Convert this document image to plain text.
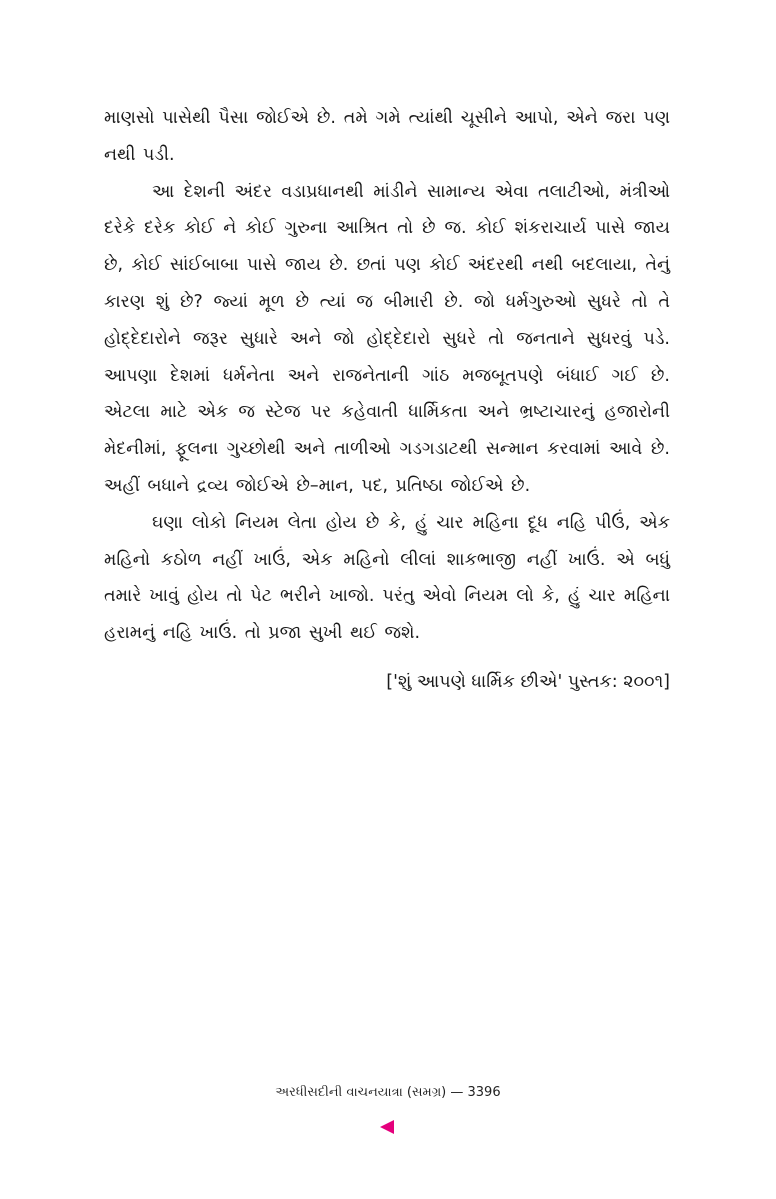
માણસો પાસેથી પૈસા જોઈએ છે. તમે ગમે ત્યાંથી ચૂસીને આપો, એને જરા પણ નથી પડી.

આ દેશની અંદર વડાપ્રધાનથી માંડીને સામાન્ય એવા તલાટીઓ, મંત્રીઓ દરેકે દરેક કોઈ ને કોઈ ગુરુના આશ્રિત તો છે જ. કોઈ શંકરાચાર્ય પાસે જાય છે, કોઈ સાંઈબાબા પાસે જાય છે. છતાં પણ કોઈ અંદરથી નથી બદલાયા, તેનું કારણ શું છે? જ્યાં મૂળ છે ત્યાં જ બીમારી છે. જો ધર્મગુરુઓ સુધરે તો તે હોદ્દેદારોને જરૂર સુધારે અને જો હોદ્દેદારો સુધરે તો જનતાને સુધરવું પડે. આપણા દેશમાં ધર્મનેતા અને રાજનેતાની ગાંઠ મજબૂતપણે બંધાઈ ગઈ છે. એટલા માટે એક જ સ્ટેજ પર કહેવાતી ધાર્મિકતા અને ભ્રષ્ટાચારનું હજારોની મેદનીમાં, ફૂલના ગુચ્છોથી અને તાળીઓ ગડગડાટથી સન્માન કરવામાં આવે છે. અહીં બધાને દ્રવ્ય જોઈએ છે–માન, પદ, પ્રતિષ્ઠા જોઈએ છે.

ઘણા લોકો નિયમ લેતા હોય છે કે, હું ચાર મહિના દૂધ નહિ પીઉં, એક મહિનો કઠોળ નહીં ખાઉં, એક મહિનો લીલાં શાકભાજી નહીં ખાઉં. એ બધું તમારે ખાવું હોય તો પેટ ભરીને ખાજો. પરંતુ એવો નિયમ લો કે, હું ચાર મહિના હરામનું નહિ ખાઉં. તો પ્રજા સુખી થઈ જશે.

['શું આપણે ધાર્મિક છીએ' પુસ્તક: ૨૦૦૧]

અરધીસદીની વાચનયાત્રા (સમગ્ર) — 3396
